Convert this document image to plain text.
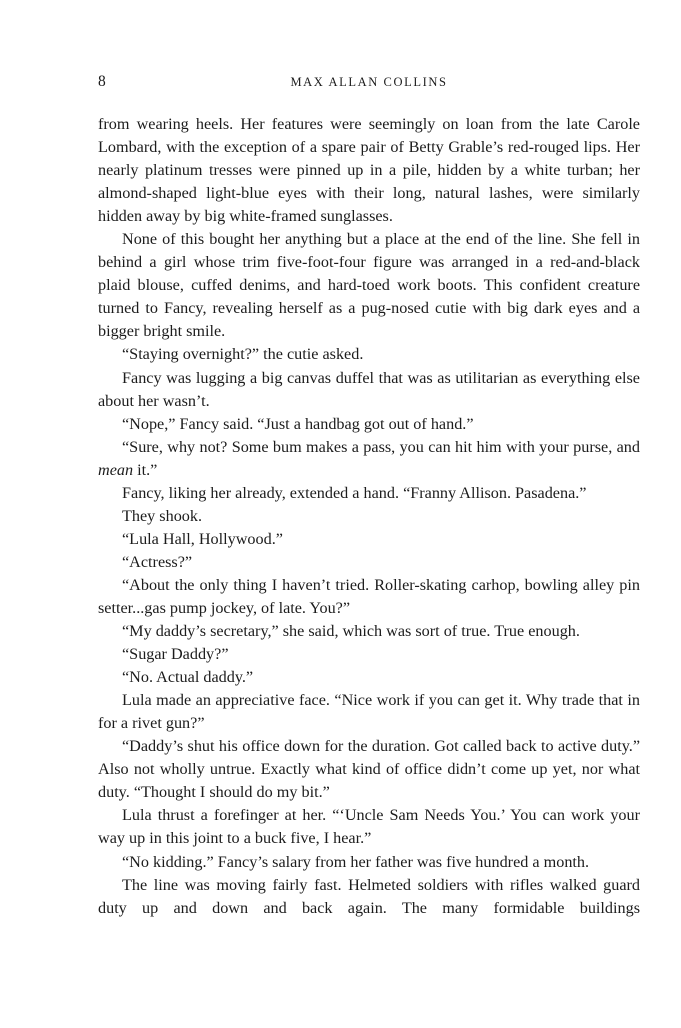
8	MAX ALLAN COLLINS

from wearing heels. Her features were seemingly on loan from the late Carole Lombard, with the exception of a spare pair of Betty Grable’s red-rouged lips. Her nearly platinum tresses were pinned up in a pile, hidden by a white turban; her almond-shaped light-blue eyes with their long, natural lashes, were similarly hidden away by big white-framed sunglasses.

None of this bought her anything but a place at the end of the line. She fell in behind a girl whose trim five-foot-four figure was arranged in a red-and-black plaid blouse, cuffed denims, and hard-toed work boots. This confident creature turned to Fancy, revealing herself as a pug-nosed cutie with big dark eyes and a bigger bright smile.

“Staying overnight?” the cutie asked.

Fancy was lugging a big canvas duffel that was as utilitarian as everything else about her wasn’t.

“Nope,” Fancy said. “Just a handbag got out of hand.”

“Sure, why not? Some bum makes a pass, you can hit him with your purse, and mean it.”

Fancy, liking her already, extended a hand. “Franny Allison. Pasadena.”

They shook.

“Lula Hall, Hollywood.”

“Actress?”

“About the only thing I haven’t tried. Roller-skating carhop, bowling alley pin setter...gas pump jockey, of late. You?”

“My daddy’s secretary,” she said, which was sort of true. True enough.

“Sugar Daddy?”

“No. Actual daddy.”

Lula made an appreciative face. “Nice work if you can get it. Why trade that in for a rivet gun?”

“Daddy’s shut his office down for the duration. Got called back to active duty.” Also not wholly untrue. Exactly what kind of office didn’t come up yet, nor what duty. “Thought I should do my bit.”

Lula thrust a forefinger at her. “‘Uncle Sam Needs You.’ You can work your way up in this joint to a buck five, I hear.”

“No kidding.” Fancy’s salary from her father was five hundred a month.

The line was moving fairly fast. Helmeted soldiers with rifles walked guard duty up and down and back again. The many formidable buildings
